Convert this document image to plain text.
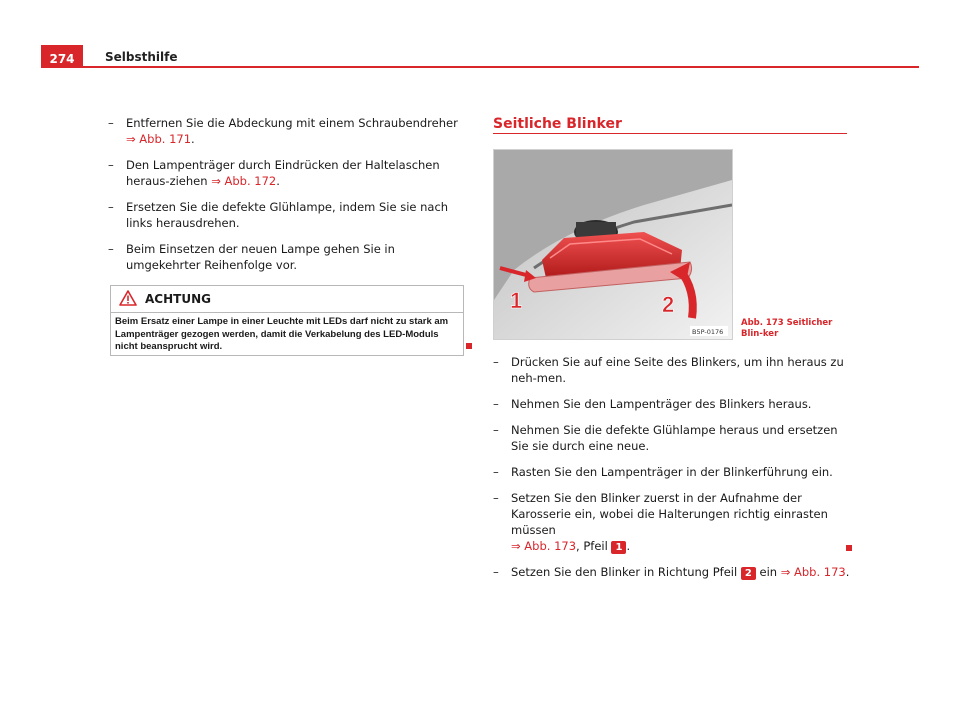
274	Selbsthilfe
– Entfernen Sie die Abdeckung mit einem Schraubendreher
⇒ Abb. 171.
– Den Lampenträger durch Eindrücken der Haltelaschen heraus-ziehen ⇒ Abb. 172.
– Ersetzen Sie die defekte Glühlampe, indem Sie sie nach links herausdrehen.
– Beim Einsetzen der neuen Lampe gehen Sie in umgekehrter Reihenfolge vor.
ACHTUNG
Beim Ersatz einer Lampe in einer Leuchte mit LEDs darf nicht zu stark am Lampenträger gezogen werden, damit die Verkabelung des LED-Moduls nicht beansprucht wird.
Seitliche Blinker
1	2
B5P-0176
Abb. 173 Seitlicher Blin-ker
– Drücken Sie auf eine Seite des Blinkers, um ihn heraus zu neh-men.
– Nehmen Sie den Lampenträger des Blinkers heraus.
– Nehmen Sie die defekte Glühlampe heraus und ersetzen Sie sie durch eine neue.
– Rasten Sie den Lampenträger in der Blinkerführung ein.
– Setzen Sie den Blinker zuerst in der Aufnahme der Karosserie ein, wobei die Halterungen richtig einrasten müssen
⇒ Abb. 173, Pfeil 1 .
– Setzen Sie den Blinker in Richtung Pfeil 2 ein ⇒ Abb. 173.
